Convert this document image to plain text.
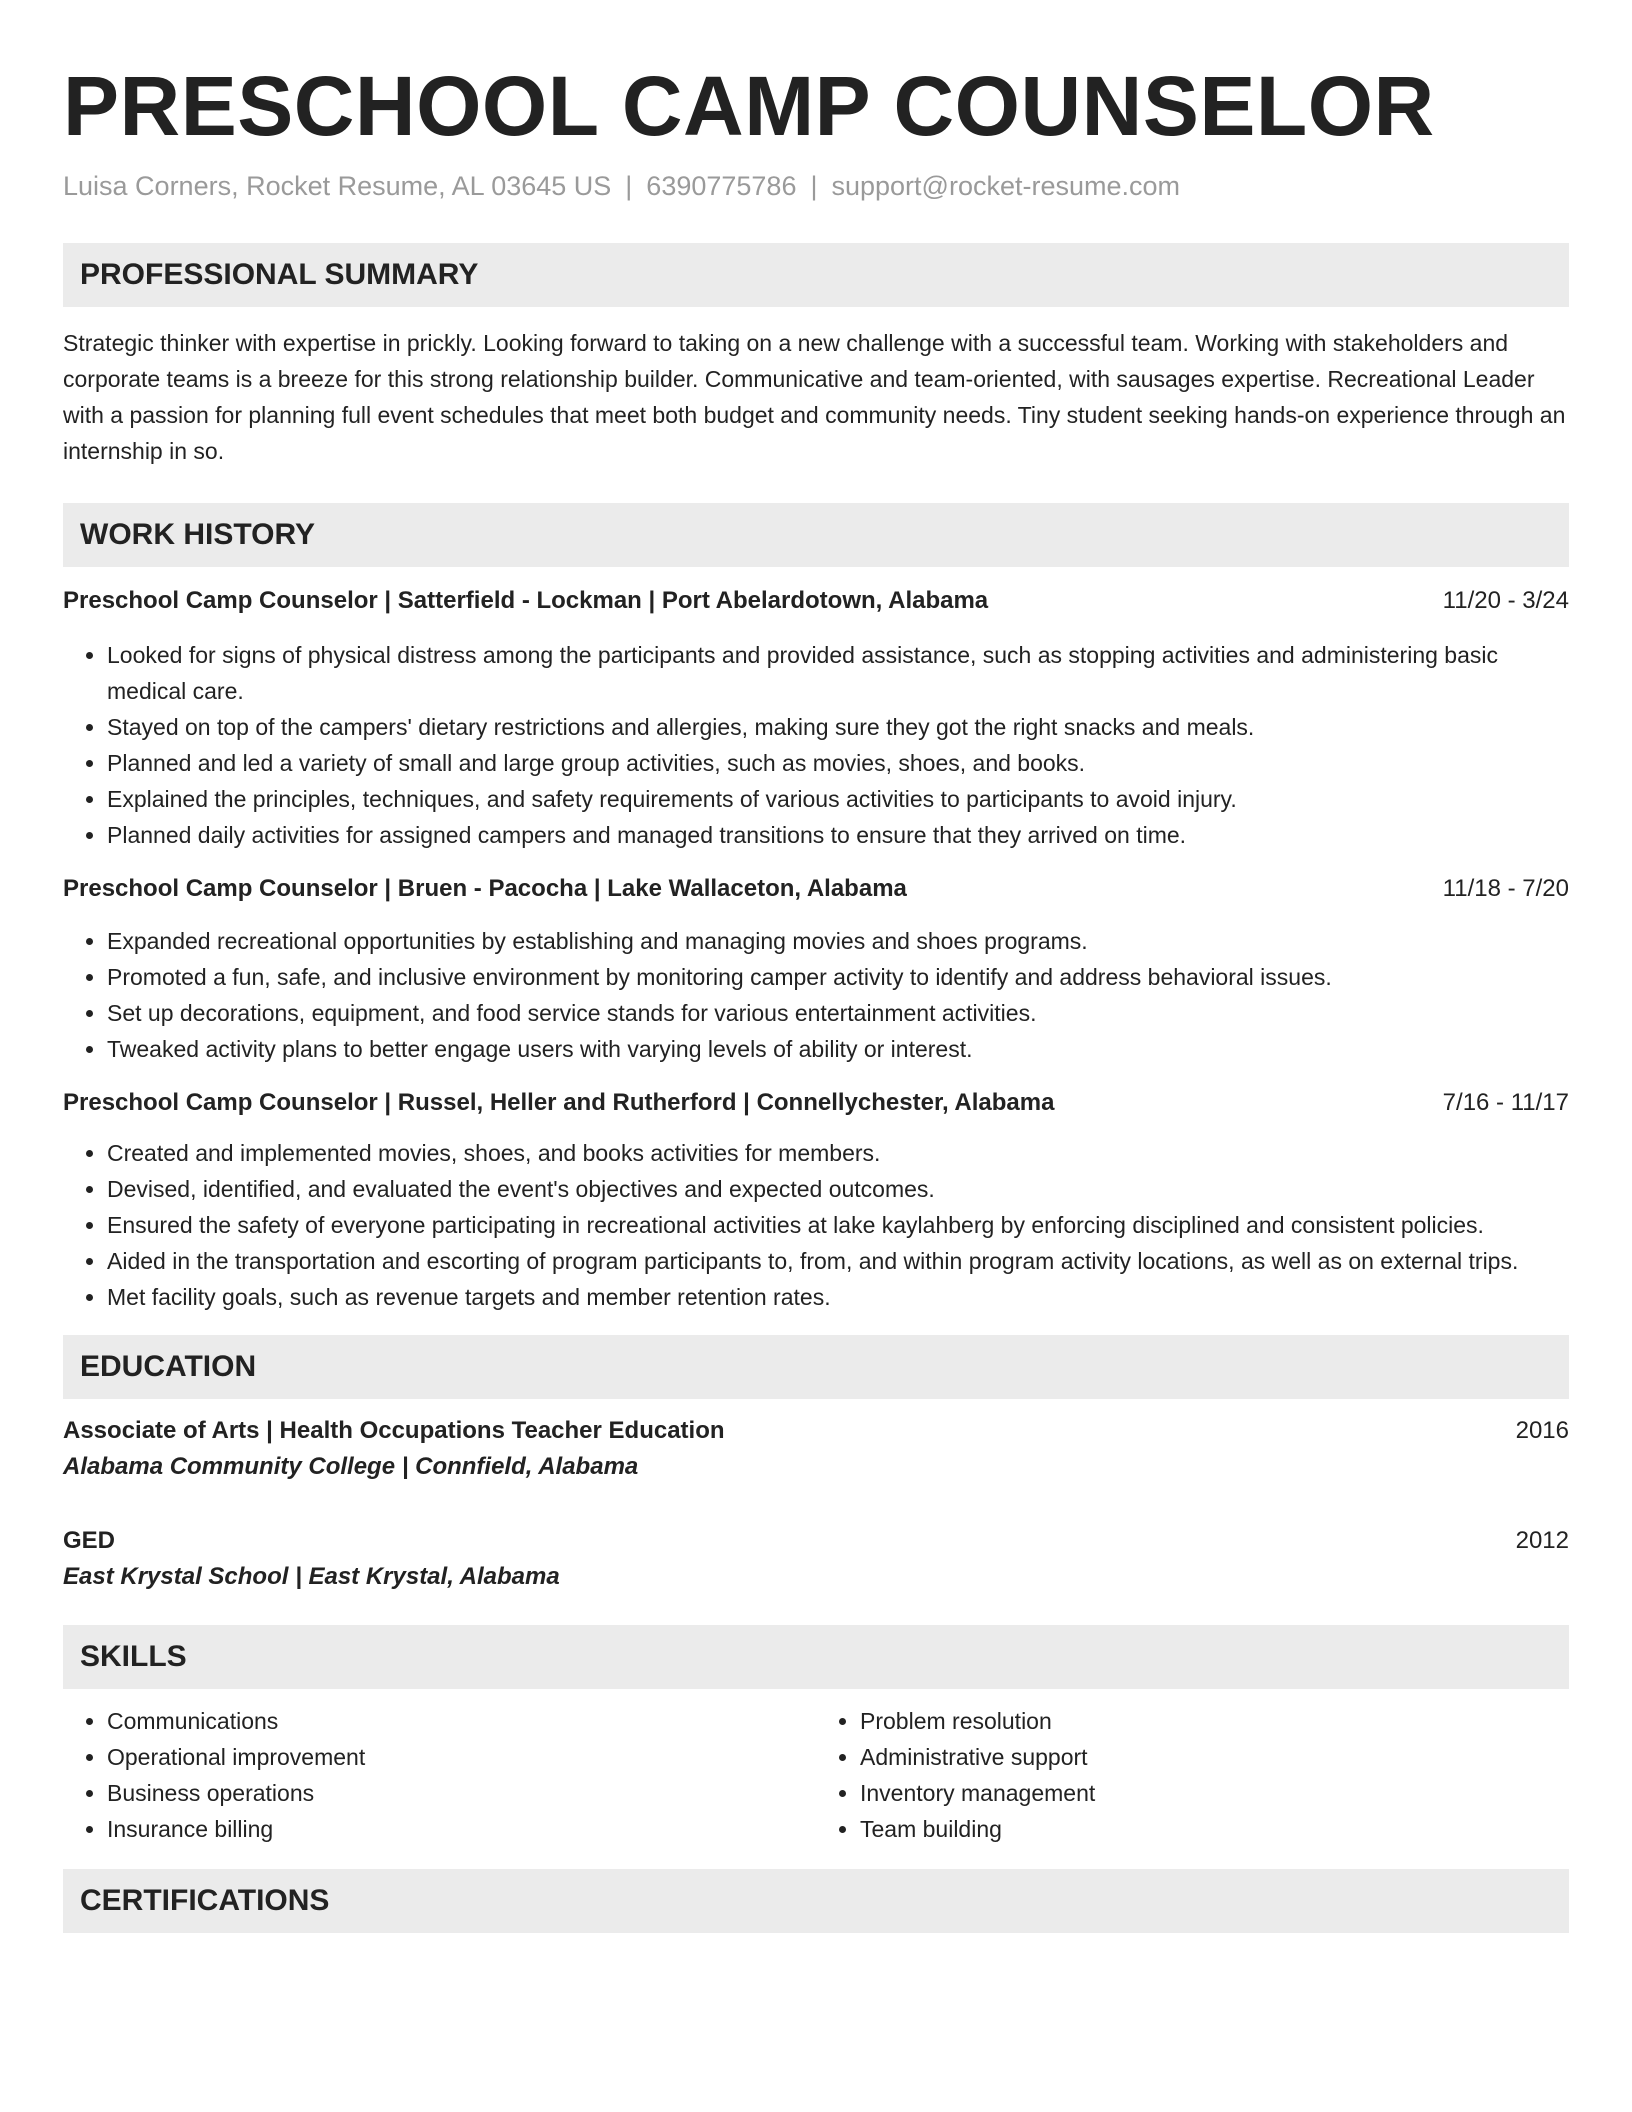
PRESCHOOL CAMP COUNSELOR
Luisa Corners, Rocket Resume, AL 03645 US | 6390775786 | support@rocket-resume.com
PROFESSIONAL SUMMARY

Strategic thinker with expertise in prickly. Looking forward to taking on a new challenge with a successful team. Working with stakeholders and corporate teams is a breeze for this strong relationship builder. Communicative and team-oriented, with sausages expertise. Recreational Leader with a passion for planning full event schedules that meet both budget and community needs. Tiny student seeking hands-on experience through an internship in so.

WORK HISTORY
Preschool Camp Counselor | Satterfield - Lockman | Port Abelardotown, Alabama	11/20 - 3/24
• Looked for signs of physical distress among the participants and provided assistance, such as stopping activities and administering basic medical care.
• Stayed on top of the campers' dietary restrictions and allergies, making sure they got the right snacks and meals.
• Planned and led a variety of small and large group activities, such as movies, shoes, and books.
• Explained the principles, techniques, and safety requirements of various activities to participants to avoid injury.
• Planned daily activities for assigned campers and managed transitions to ensure that they arrived on time.
Preschool Camp Counselor | Bruen - Pacocha | Lake Wallaceton, Alabama	11/18 - 7/20
• Expanded recreational opportunities by establishing and managing movies and shoes programs.
• Promoted a fun, safe, and inclusive environment by monitoring camper activity to identify and address behavioral issues.
• Set up decorations, equipment, and food service stands for various entertainment activities.
• Tweaked activity plans to better engage users with varying levels of ability or interest.
Preschool Camp Counselor | Russel, Heller and Rutherford | Connellychester, Alabama	7/16 - 11/17
• Created and implemented movies, shoes, and books activities for members.
• Devised, identified, and evaluated the event's objectives and expected outcomes.
• Ensured the safety of everyone participating in recreational activities at lake kaylahberg by enforcing disciplined and consistent policies.
• Aided in the transportation and escorting of program participants to, from, and within program activity locations, as well as on external trips.
• Met facility goals, such as revenue targets and member retention rates.
EDUCATION
Associate of Arts | Health Occupations Teacher Education	2016
Alabama Community College | Connfield, Alabama
GED	2012
East Krystal School | East Krystal, Alabama
SKILLS
• Communications
• Operational improvement
• Business operations
• Insurance billing
• Problem resolution
• Administrative support
• Inventory management
• Team building
CERTIFICATIONS
